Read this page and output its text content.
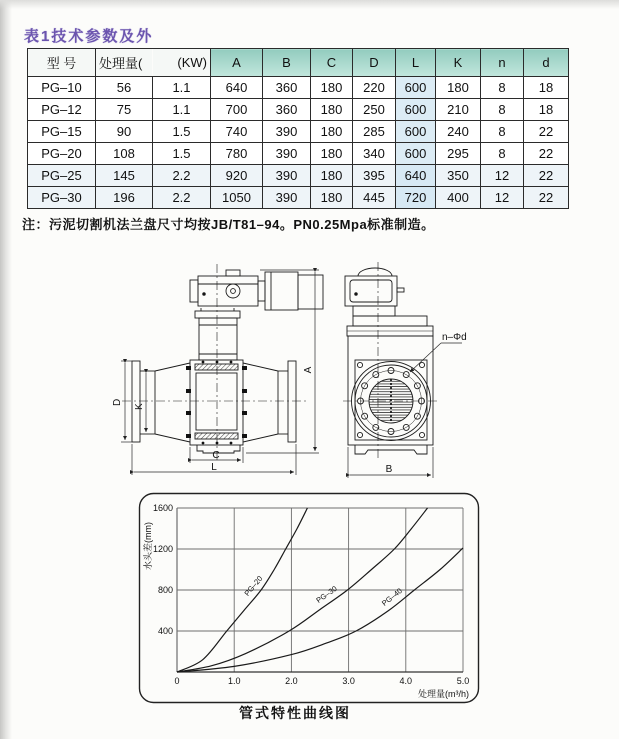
表1技术参数及外
型 号	处理量(	(KW)	A	B	C	D	L	K	n	d
PG–10	56	1.1	640	360	180	220	600	180	8	18
PG–12	75	1.1	700	360	180	250	600	210	8	18
PG–15	90	1.5	740	390	180	285	600	240	8	22
PG–20	108	1.5	780	390	180	340	600	295	8	22
PG–25	145	2.2	920	390	180	395	640	350	12	22
PG–30	196	2.2	1050	390	180	445	720	400	12	22
注：污泥切割机法兰盘尺寸均按JB/T81–94。PN0.25Mpa标准制造。
D
K
C
L
A
B
n–Φd
PG–20	PG–30	PG–40
0	1.0	2.0	3.0	4.0	5.0
400
800
1200
1600
水头差(mm)
处理量(m³/h)
管式特性曲线图
